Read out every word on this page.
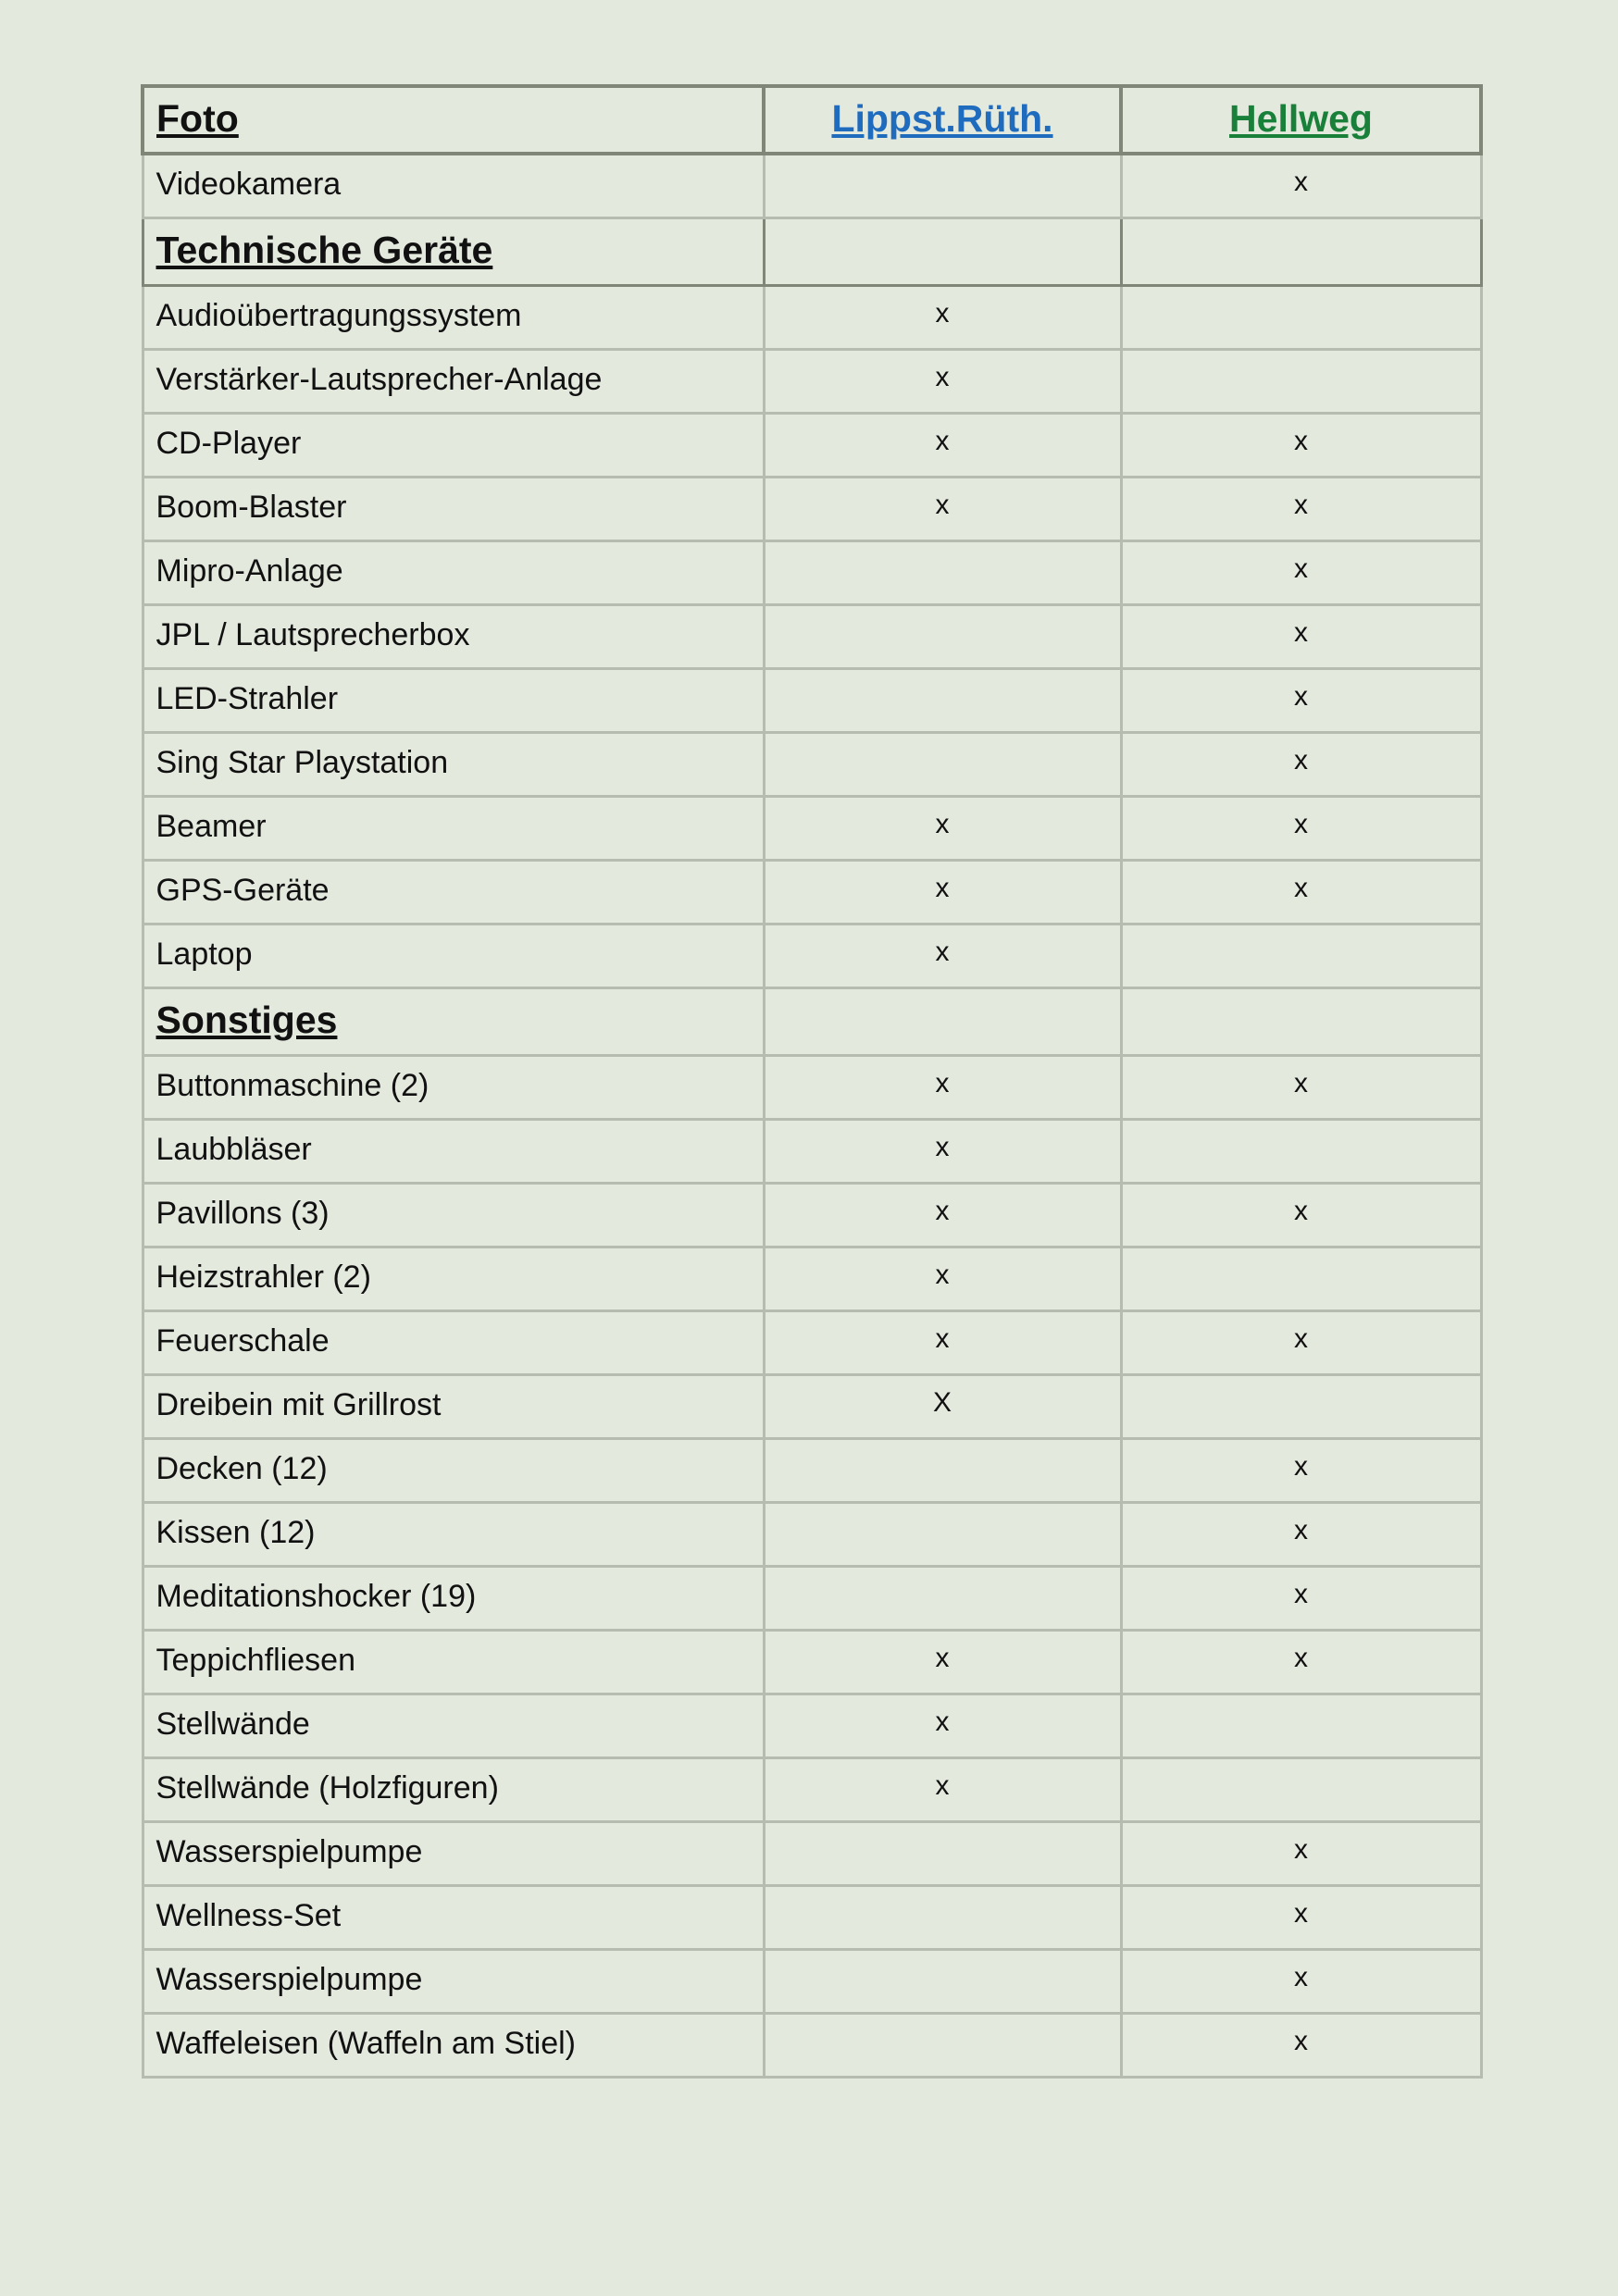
Foto	Lippst.Rüth.	Hellweg
Videokamera		x
Technische Geräte		
Audioübertragungssystem	x	
Verstärker-Lautsprecher-Anlage	x	
CD-Player	x	x
Boom-Blaster	x	x
Mipro-Anlage		x
JPL / Lautsprecherbox		x
LED-Strahler		x
Sing Star Playstation		x
Beamer	x	x
GPS-Geräte	x	x
Laptop	x	
Sonstiges		
Buttonmaschine (2)	x	x
Laubbläser	x	
Pavillons (3)	x	x
Heizstrahler (2)	x	
Feuerschale	x	x
Dreibein mit Grillrost	X	
Decken (12)		x
Kissen (12)		x
Meditationshocker (19)		x
Teppichfliesen	x	x
Stellwände	x	
Stellwände (Holzfiguren)	x	
Wasserspielpumpe		x
Wellness-Set		x
Wasserspielpumpe		x
Waffeleisen (Waffeln am Stiel)		x
